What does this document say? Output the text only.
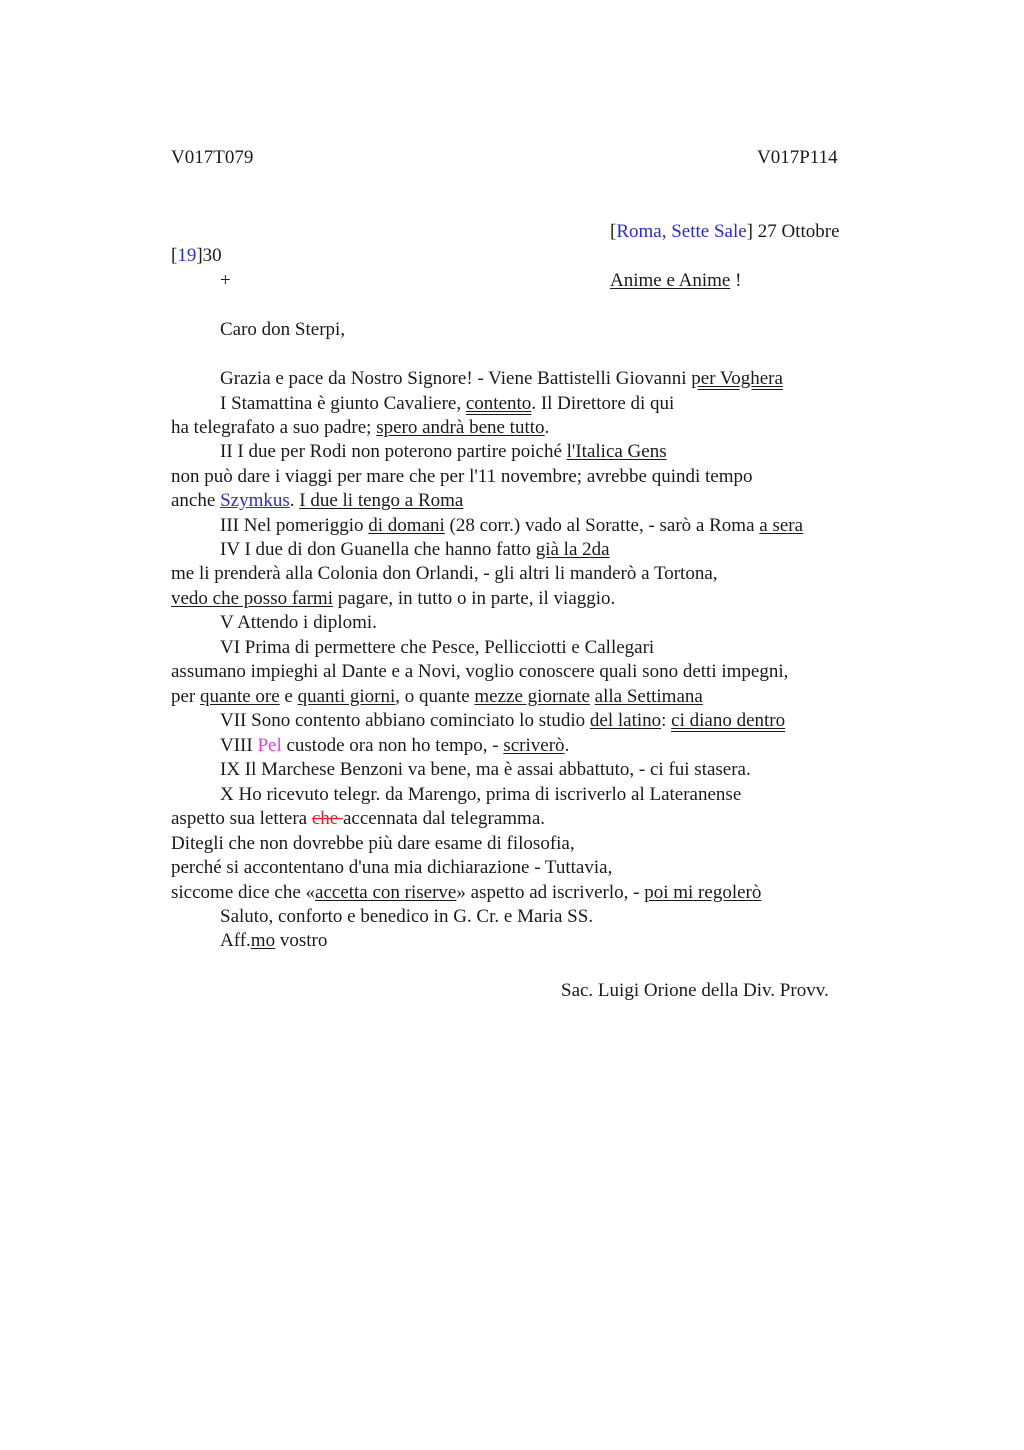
V017T079	V017P114
[Roma, Sette Sale] 27 Ottobre
[19]30
+	Anime e Anime !
Caro don Sterpi,
Grazia e pace da Nostro Signore! - Viene Battistelli Giovanni per Voghera
I Stamattina è giunto Cavaliere, contento. Il Direttore di qui
ha telegrafato a suo padre; spero andrà bene tutto.
II I due per Rodi non poterono partire poiché l'Italica Gens
non può dare i viaggi per mare che per l'11 novembre; avrebbe quindi tempo
anche Szymkus. I due li tengo a Roma
III Nel pomeriggio di domani (28 corr.) vado al Soratte, - sarò a Roma a sera
IV I due di don Guanella che hanno fatto già la 2da
me li prenderà alla Colonia don Orlandi, - gli altri li manderò a Tortona,
vedo che posso farmi pagare, in tutto o in parte, il viaggio.
V Attendo i diplomi.
VI Prima di permettere che Pesce, Pellicciotti e Callegari
assumano impieghi al Dante e a Novi, voglio conoscere quali sono detti impegni,
per quante ore e quanti giorni, o quante mezze giornate alla Settimana
VII Sono contento abbiano cominciato lo studio del latino: ci diano dentro
VIII Pel custode ora non ho tempo, - scriverò.
IX Il Marchese Benzoni va bene, ma è assai abbattuto, - ci fui stasera.
X Ho ricevuto telegr. da Marengo, prima di iscriverlo al Lateranense
aspetto sua lettera che accennata dal telegramma.
Ditegli che non dovrebbe più dare esame di filosofia,
perché si accontentano d'una mia dichiarazione - Tuttavia,
siccome dice che «accetta con riserve» aspetto ad iscriverlo, - poi mi regolerò
Saluto, conforto e benedico in G. Cr. e Maria SS.
Aff.mo vostro
Sac. Luigi Orione della Div. Provv.
